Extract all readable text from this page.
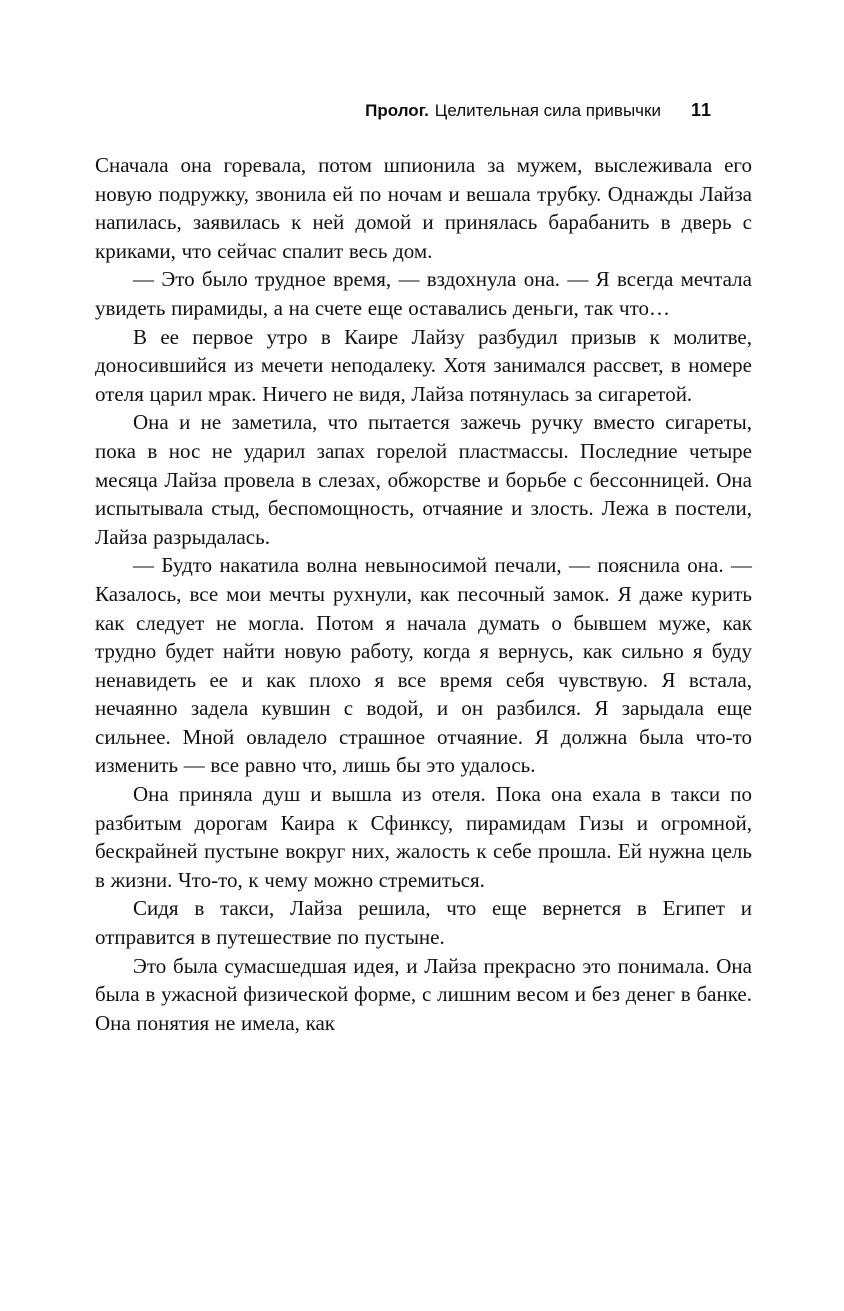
Пролог. Целительная сила привычки 11

Сначала она горевала, потом шпионила за мужем, выслеживала его новую подружку, звонила ей по ночам и вешала трубку. Однажды Лайза напилась, заявилась к ней домой и принялась барабанить в дверь с криками, что сейчас спалит весь дом.

— Это было трудное время, — вздохнула она. — Я всегда мечтала увидеть пирамиды, а на счете еще оставались деньги, так что…

В ее первое утро в Каире Лайзу разбудил призыв к молитве, доносившийся из мечети неподалеку. Хотя занимался рассвет, в номере отеля царил мрак. Ничего не видя, Лайза потянулась за сигаретой.

Она и не заметила, что пытается зажечь ручку вместо сигареты, пока в нос не ударил запах горелой пластмассы. Последние четыре месяца Лайза провела в слезах, обжорстве и борьбе с бессонницей. Она испытывала стыд, беспомощность, отчаяние и злость. Лежа в постели, Лайза разрыдалась.

— Будто накатила волна невыносимой печали, — пояснила она. — Казалось, все мои мечты рухнули, как песочный замок. Я даже курить как следует не могла. Потом я начала думать о бывшем муже, как трудно будет найти новую работу, когда я вернусь, как сильно я буду ненавидеть ее и как плохо я все время себя чувствую. Я встала, нечаянно задела кувшин с водой, и он разбился. Я зарыдала еще сильнее. Мной овладело страшное отчаяние. Я должна была что-то изменить — все равно что, лишь бы это удалось.

Она приняла душ и вышла из отеля. Пока она ехала в такси по разбитым дорогам Каира к Сфинксу, пирамидам Гизы и огромной, бескрайней пустыне вокруг них, жалость к себе прошла. Ей нужна цель в жизни. Что-то, к чему можно стремиться.

Сидя в такси, Лайза решила, что еще вернется в Египет и отправится в путешествие по пустыне.

Это была сумасшедшая идея, и Лайза прекрасно это понимала. Она была в ужасной физической форме, с лишним весом и без денег в банке. Она понятия не имела, как
